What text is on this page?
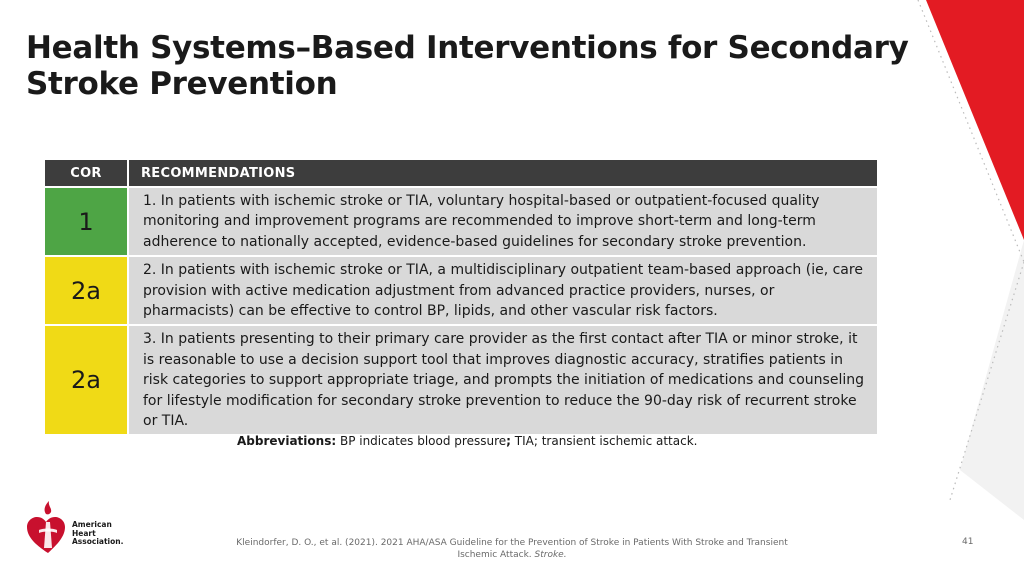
Health Systems–Based Interventions for Secondary
Stroke Prevention
COR	RECOMMENDATIONS
1	1. In patients with ischemic stroke or TIA, voluntary hospital-based or outpatient-focused quality monitoring and improvement programs are recommended to improve short-term and long-term adherence to nationally accepted, evidence-based guidelines for secondary stroke prevention.
2a	2. In patients with ischemic stroke or TIA, a multidisciplinary outpatient team-based approach (ie, care provision with active medication adjustment from advanced practice providers, nurses, or pharmacists) can be effective to control BP, lipids, and other vascular risk factors.
2a	3. In patients presenting to their primary care provider as the first contact after TIA or minor stroke, it is reasonable to use a decision support tool that improves diagnostic accuracy, stratifies patients in risk categories to support appropriate triage, and prompts the initiation of medications and counseling for lifestyle modification for secondary stroke prevention to reduce the 90-day risk of recurrent stroke or TIA.
Abbreviations: BP indicates blood pressure; TIA; transient ischemic attack.
American
Heart
Association.	Kleindorfer, D. O., et al. (2021). 2021 AHA/ASA Guideline for the Prevention of Stroke in Patients With Stroke and Transient Ischemic Attack. Stroke.
41
